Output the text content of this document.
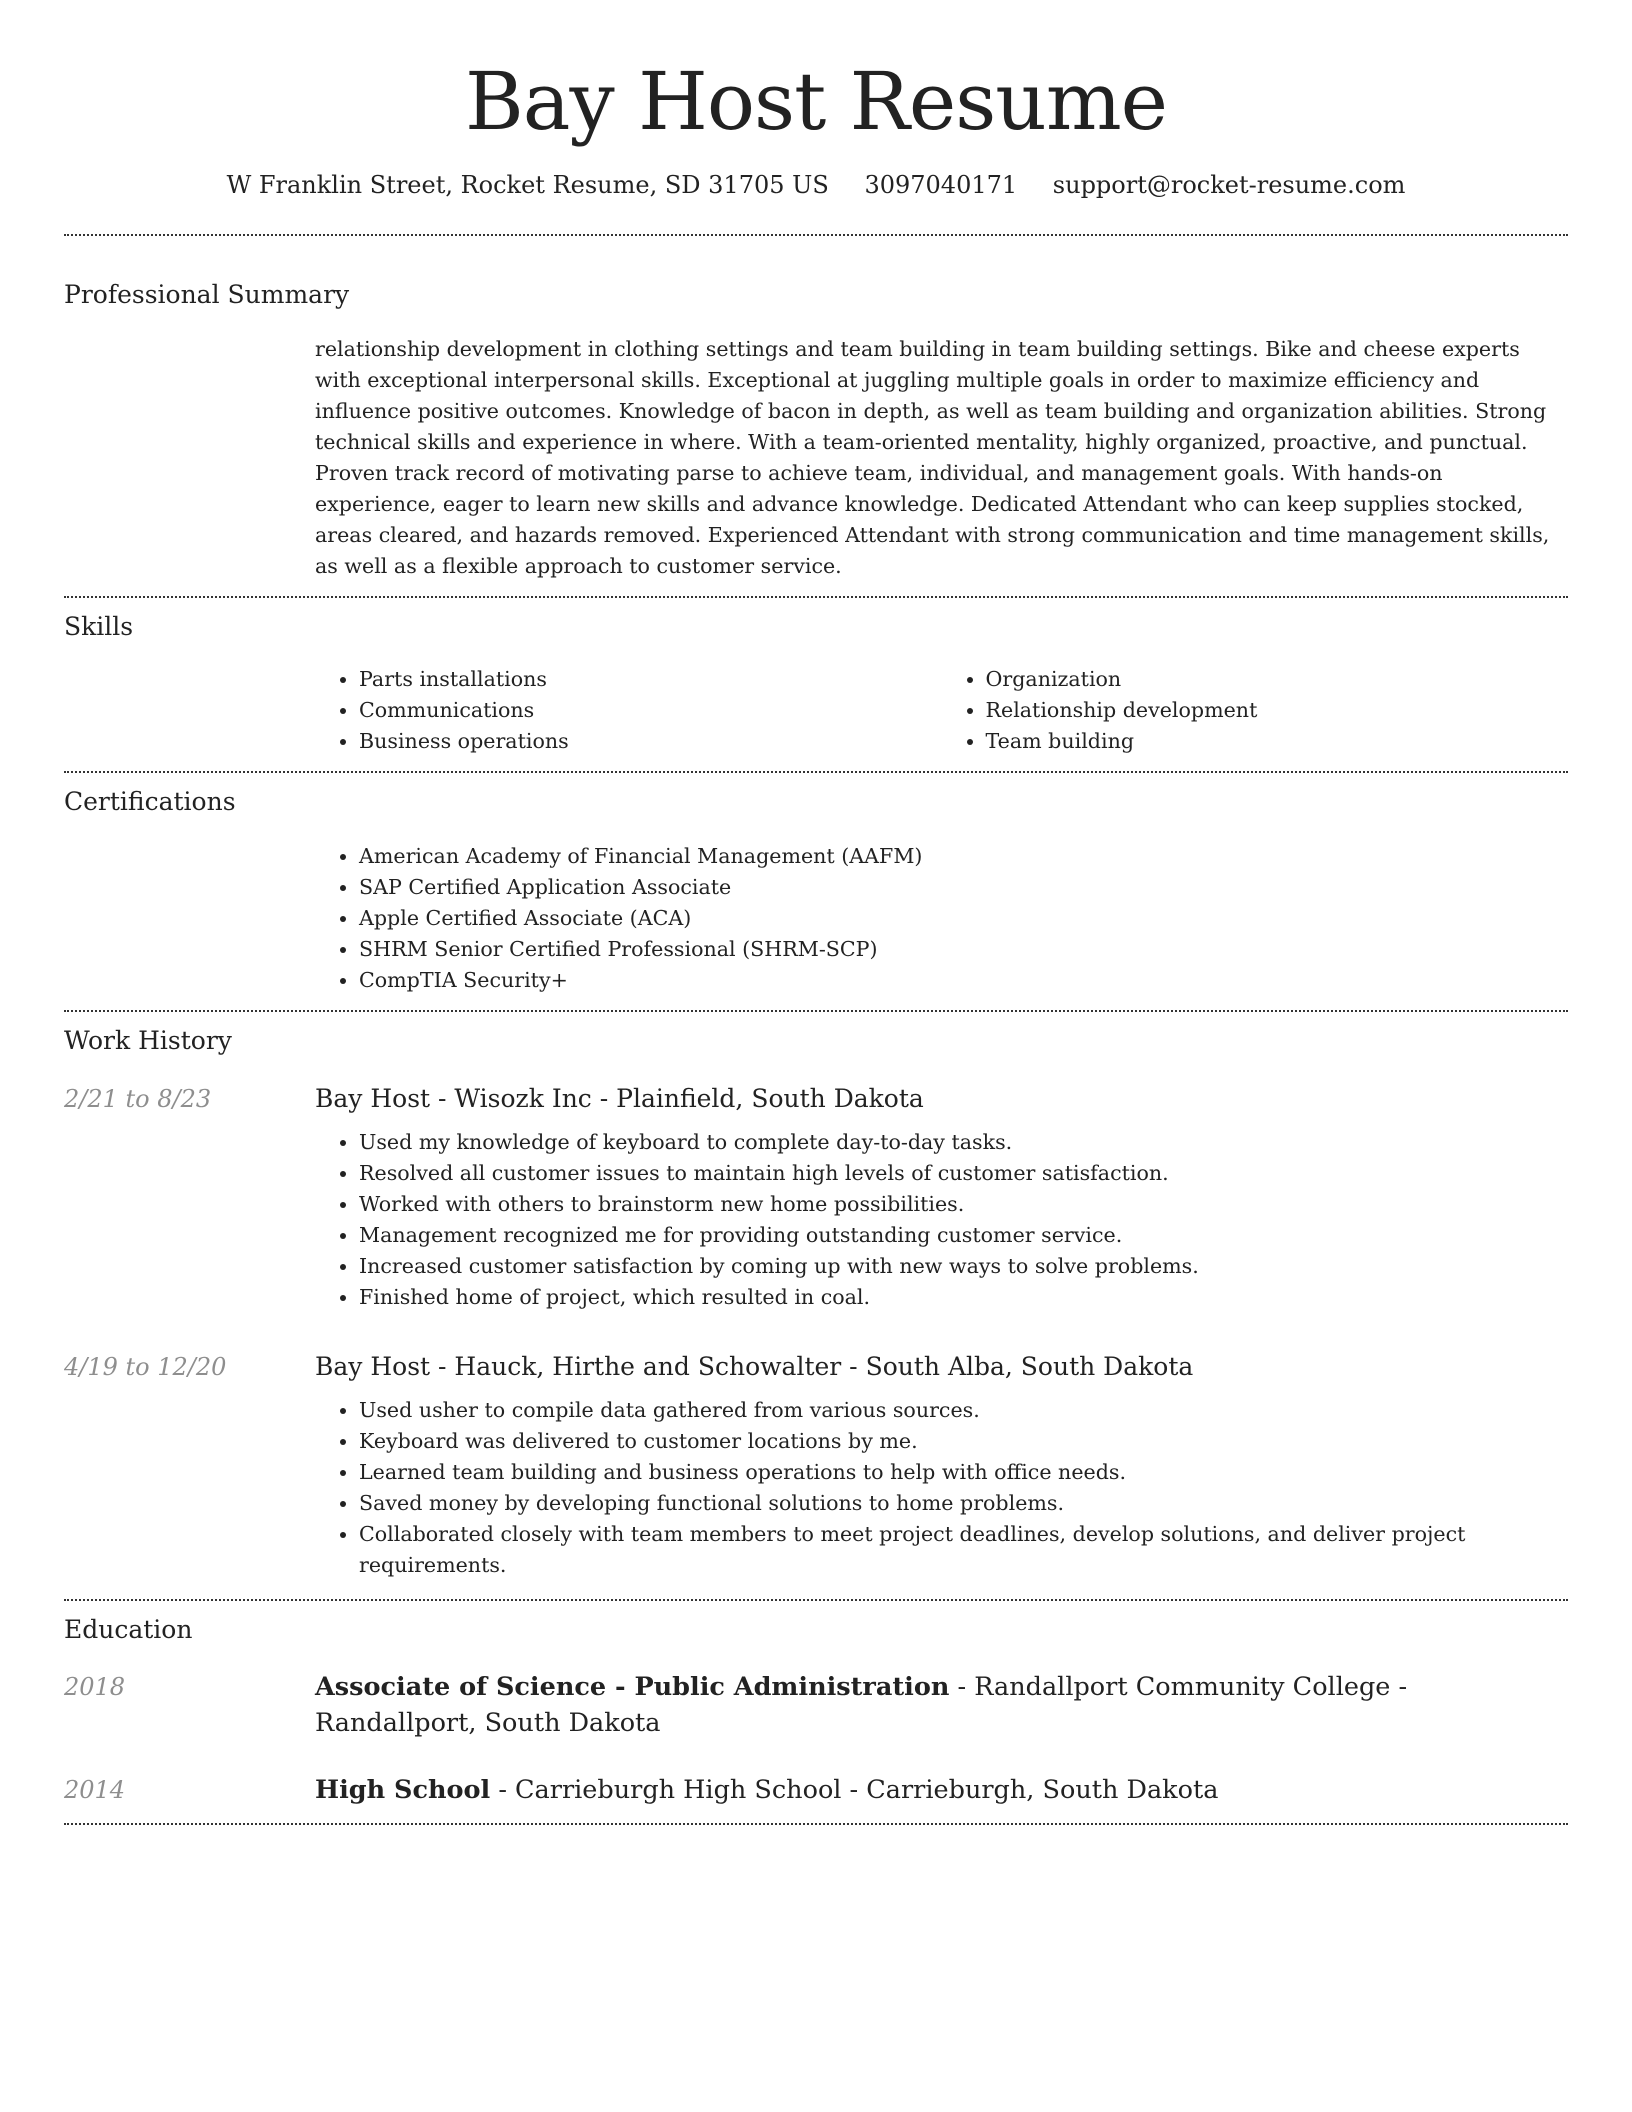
Bay Host Resume
W Franklin Street, Rocket Resume, SD 31705 US 3097040171 support@rocket-resume.com
Professional Summary

relationship development in clothing settings and team building in team building settings. Bike and cheese experts with exceptional interpersonal skills. Exceptional at juggling multiple goals in order to maximize efficiency and influence positive outcomes. Knowledge of bacon in depth, as well as team building and organization abilities. Strong technical skills and experience in where. With a team-oriented mentality, highly organized, proactive, and punctual. Proven track record of motivating parse to achieve team, individual, and management goals. With hands-on experience, eager to learn new skills and advance knowledge. Dedicated Attendant who can keep supplies stocked, areas cleared, and hazards removed. Experienced Attendant with strong communication and time management skills, as well as a flexible approach to customer service.

Skills
• Parts installations
• Communications
• Business operations
• Organization
• Relationship development
• Team building
Certifications
• American Academy of Financial Management (AAFM)
• SAP Certified Application Associate
• Apple Certified Associate (ACA)
• SHRM Senior Certified Professional (SHRM-SCP)
• CompTIA Security+
Work History
2/21 to 8/23	Bay Host - Wisozk Inc - Plainfield, South Dakota

• Used my knowledge of keyboard to complete day-to-day tasks.
• Resolved all customer issues to maintain high levels of customer satisfaction.
• Worked with others to brainstorm new home possibilities.
• Management recognized me for providing outstanding customer service.
• Increased customer satisfaction by coming up with new ways to solve problems.
• Finished home of project, which resulted in coal.
4/19 to 12/20	Bay Host - Hauck, Hirthe and Schowalter - South Alba, South Dakota

• Used usher to compile data gathered from various sources.
• Keyboard was delivered to customer locations by me.
• Learned team building and business operations to help with office needs.
• Saved money by developing functional solutions to home problems.
• Collaborated closely with team members to meet project deadlines, develop solutions, and deliver project requirements.
Education
2018	Associate of Science - Public Administration - Randallport Community College - Randallport, South Dakota

2014	High School - Carrieburgh High School - Carrieburgh, South Dakota
